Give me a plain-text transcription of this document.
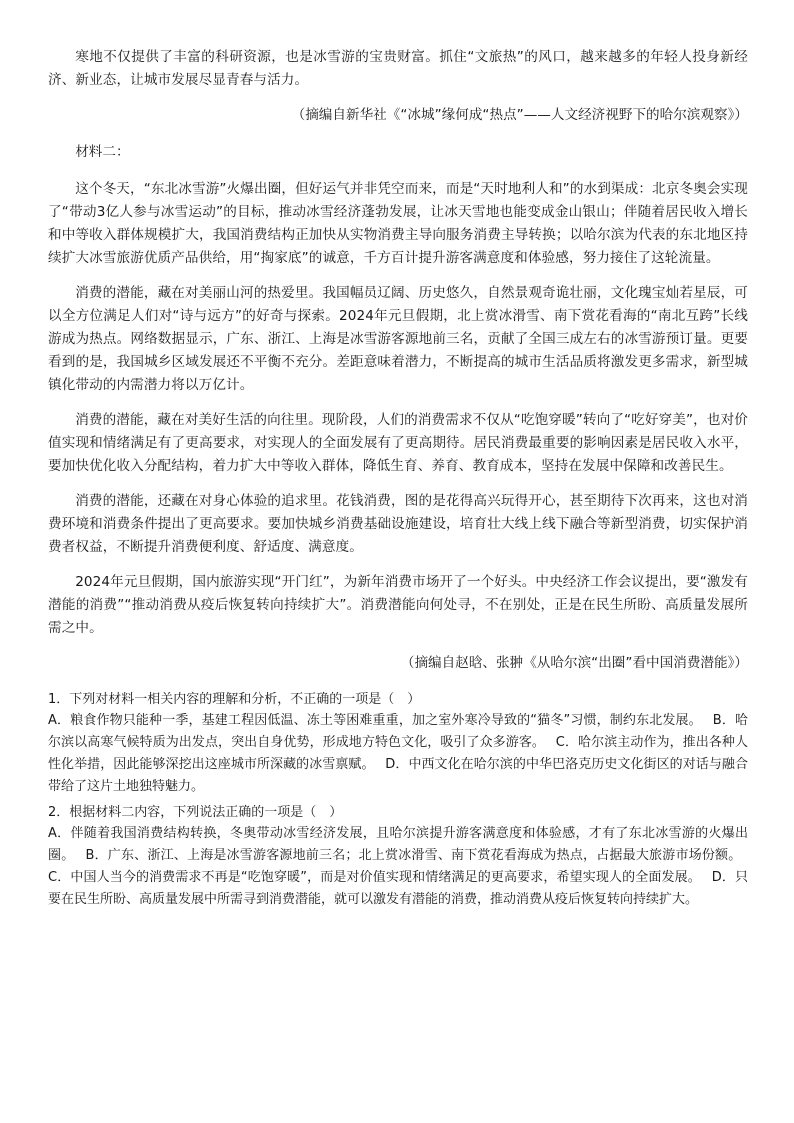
寒地不仅提供了丰富的科研资源，也是冰雪游的宝贵财富。抓住“文旅热”的风口，越来越多的年轻人投身新经济、新业态，让城市发展尽显青春与活力。

（摘编自新华社《“冰城”缘何成“热点”——人文经济视野下的哈尔滨观察》）

材料二：

这个冬天，“东北冰雪游”火爆出圈，但好运气并非凭空而来，而是“天时地利人和”的水到渠成：北京冬奥会实现了“带动3亿人参与冰雪运动”的目标，推动冰雪经济蓬勃发展，让冰天雪地也能变成金山银山；伴随着居民收入增长和中等收入群体规模扩大，我国消费结构正加快从实物消费主导向服务消费主导转换；以哈尔滨为代表的东北地区持续扩大冰雪旅游优质产品供给，用“掏家底”的诚意，千方百计提升游客满意度和体验感，努力接住了这轮流量。

消费的潜能，藏在对美丽山河的热爱里。我国幅员辽阔、历史悠久，自然景观奇诡壮丽，文化瑰宝灿若星辰，可以全方位满足人们对“诗与远方”的好奇与探索。2024年元旦假期，北上赏冰滑雪、南下赏花看海的“南北互跨”长线游成为热点。网络数据显示，广东、浙江、上海是冰雪游客源地前三名，贡献了全国三成左右的冰雪游预订量。更要看到的是，我国城乡区域发展还不平衡不充分。差距意味着潜力，不断提高的城市生活品质将激发更多需求，新型城镇化带动的内需潜力将以万亿计。

消费的潜能，藏在对美好生活的向往里。现阶段，人们的消费需求不仅从“吃饱穿暖”转向了“吃好穿美”，也对价值实现和情绪满足有了更高要求，对实现人的全面发展有了更高期待。居民消费最重要的影响因素是居民收入水平，要加快优化收入分配结构，着力扩大中等收入群体，降低生育、养育、教育成本，坚持在发展中保障和改善民生。

消费的潜能，还藏在对身心体验的追求里。花钱消费，图的是花得高兴玩得开心，甚至期待下次再来，这也对消费环境和消费条件提出了更高要求。要加快城乡消费基础设施建设，培育壮大线上线下融合等新型消费，切实保护消费者权益，不断提升消费便利度、舒适度、满意度。

2024年元旦假期，国内旅游实现“开门红”，为新年消费市场开了一个好头。中央经济工作会议提出，要“激发有潜能的消费”“推动消费从疫后恢复转向持续扩大”。消费潜能向何处寻，不在别处，正是在民生所盼、高质量发展所需之中。

（摘编自赵晗、张翀《从哈尔滨“出圈”看中国消费潜能》）

1．下列对材料一相关内容的理解和分析，不正确的一项是（　）

A．粮食作物只能种一季，基建工程因低温、冻土等困难重重，加之室外寒冷导致的“猫冬”习惯，制约东北发展。　 B．哈尔滨以高寒气候特质为出发点，突出自身优势，形成地方特色文化，吸引了众多游客。　 C．哈尔滨主动作为，推出各种人性化举措，因此能够深挖出这座城市所深藏的冰雪禀赋。　 D．中西文化在哈尔滨的中华巴洛克历史文化街区的对话与融合带给了这片土地独特魅力。

2．根据材料二内容，下列说法正确的一项是（　）

A．伴随着我国消费结构转换，冬奥带动冰雪经济发展，且哈尔滨提升游客满意度和体验感，才有了东北冰雪游的火爆出圈。　 B．广东、浙江、上海是冰雪游客源地前三名；北上赏冰滑雪、南下赏花看海成为热点，占据最大旅游市场份额。　 C．中国人当今的消费需求不再是“吃饱穿暖”，而是对价值实现和情绪满足的更高要求，希望实现人的全面发展。　 D．只要在民生所盼、高质量发展中所需寻到消费潜能，就可以激发有潜能的消费，推动消费从疫后恢复转向持续扩大。
